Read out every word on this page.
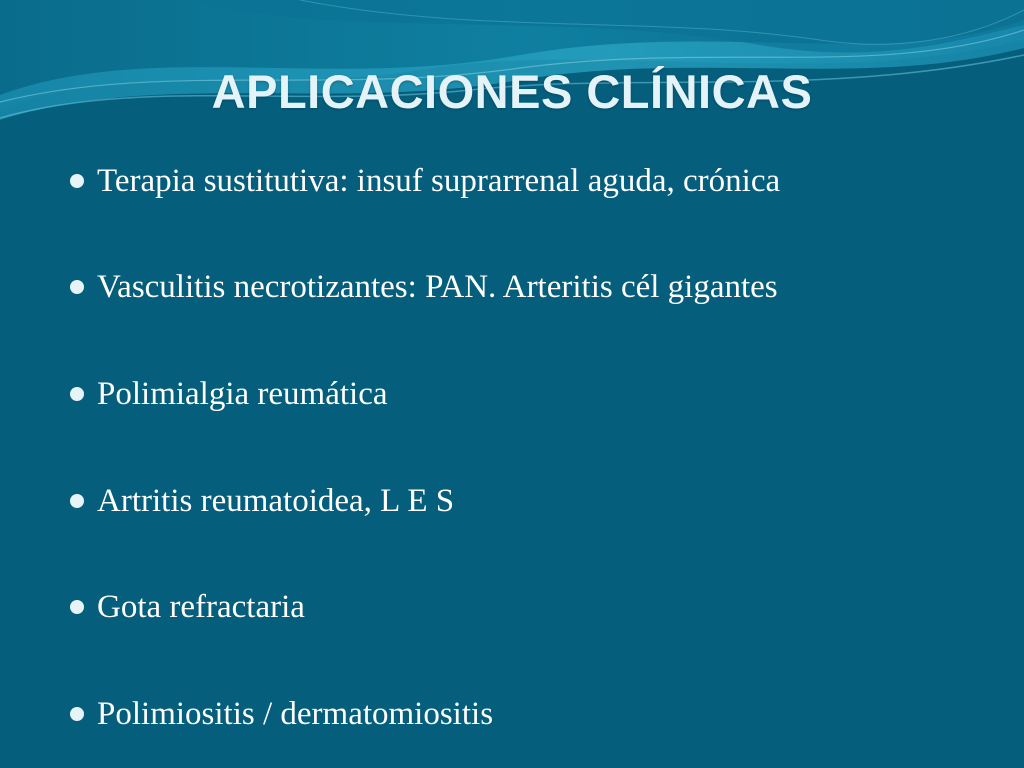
APLICACIONES CLÍNICAS
Terapia sustitutiva: insuf suprarrenal aguda, crónica
Vasculitis necrotizantes: PAN. Arteritis cél gigantes
Polimialgia reumática
Artritis reumatoidea, L E S
Gota refractaria
Polimiositis / dermatomiositis
